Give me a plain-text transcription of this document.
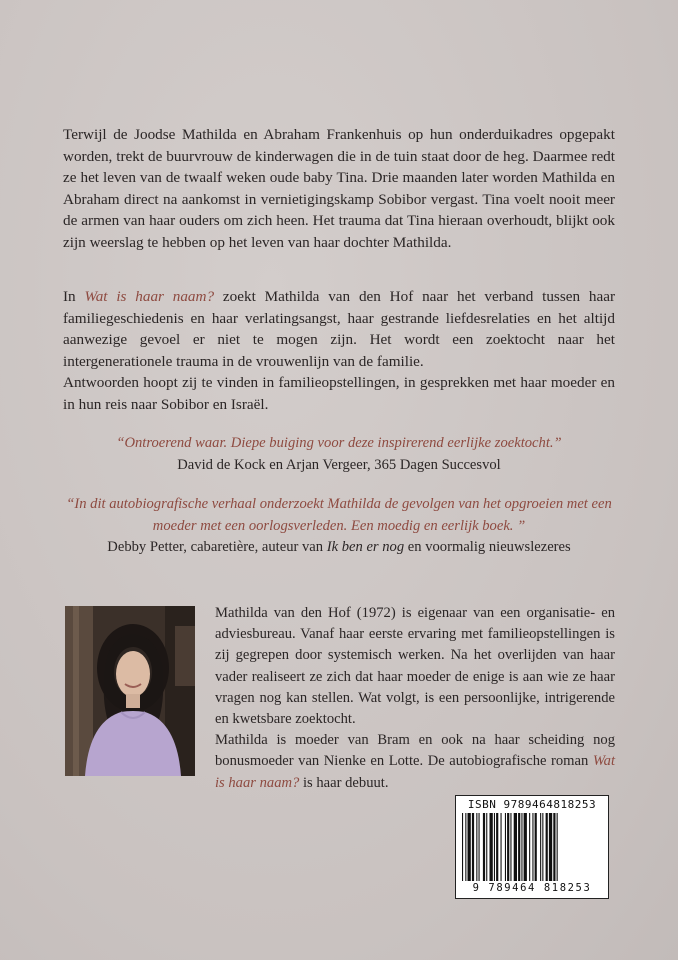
Terwijl de Joodse Mathilda en Abraham Frankenhuis op hun onderduikadres opgepakt worden, trekt de buurvrouw de kinderwagen die in de tuin staat door de heg. Daarmee redt ze het leven van de twaalf weken oude baby Tina. Drie maanden later worden Mathilda en Abraham direct na aankomst in vernietigingskamp Sobibor vergast. Tina voelt nooit meer de armen van haar ouders om zich heen. Het trauma dat Tina hieraan overhoudt, blijkt ook zijn weerslag te hebben op het leven van haar dochter Mathilda.

In Wat is haar naam? zoekt Mathilda van den Hof naar het verband tussen haar familiegeschiedenis en haar verlatingsangst, haar gestrande liefdesrelaties en het altijd aanwezige gevoel er niet te mogen zijn. Het wordt een zoektocht naar het intergenerationele trauma in de vrouwenlijn van de familie.
Antwoorden hoopt zij te vinden in familieopstellingen, in gesprekken met haar moeder en in hun reis naar Sobibor en Israël.
“Ontroerend waar. Diepe buiging voor deze inspirerend eerlijke zoektocht.”
David de Kock en Arjan Vergeer, 365 Dagen Succesvol
“In dit autobiografische verhaal onderzoekt Mathilda de gevolgen van het opgroeien met een moeder met een oorlogsverleden. Een moedig en eerlijk boek. ”
Debby Petter, cabaretière, auteur van Ik ben er nog en voormalig nieuwslezeres
Mathilda van den Hof (1972) is eigenaar van een organisatie- en adviesbureau. Vanaf haar eerste ervaring met familieopstellingen is zij gegrepen door systemisch werken. Na het overlijden van haar vader realiseert ze zich dat haar moeder de enige is aan wie ze haar vragen nog kan stellen. Wat volgt, is een persoonlijke, intrigerende en kwetsbare zoektocht.
Mathilda is moeder van Bram en ook na haar scheiding nog bonusmoeder van Nienke en Lotte. De autobiografische roman Wat is haar naam? is haar debuut.
ISBN 9789464818253
9 789464 818253
